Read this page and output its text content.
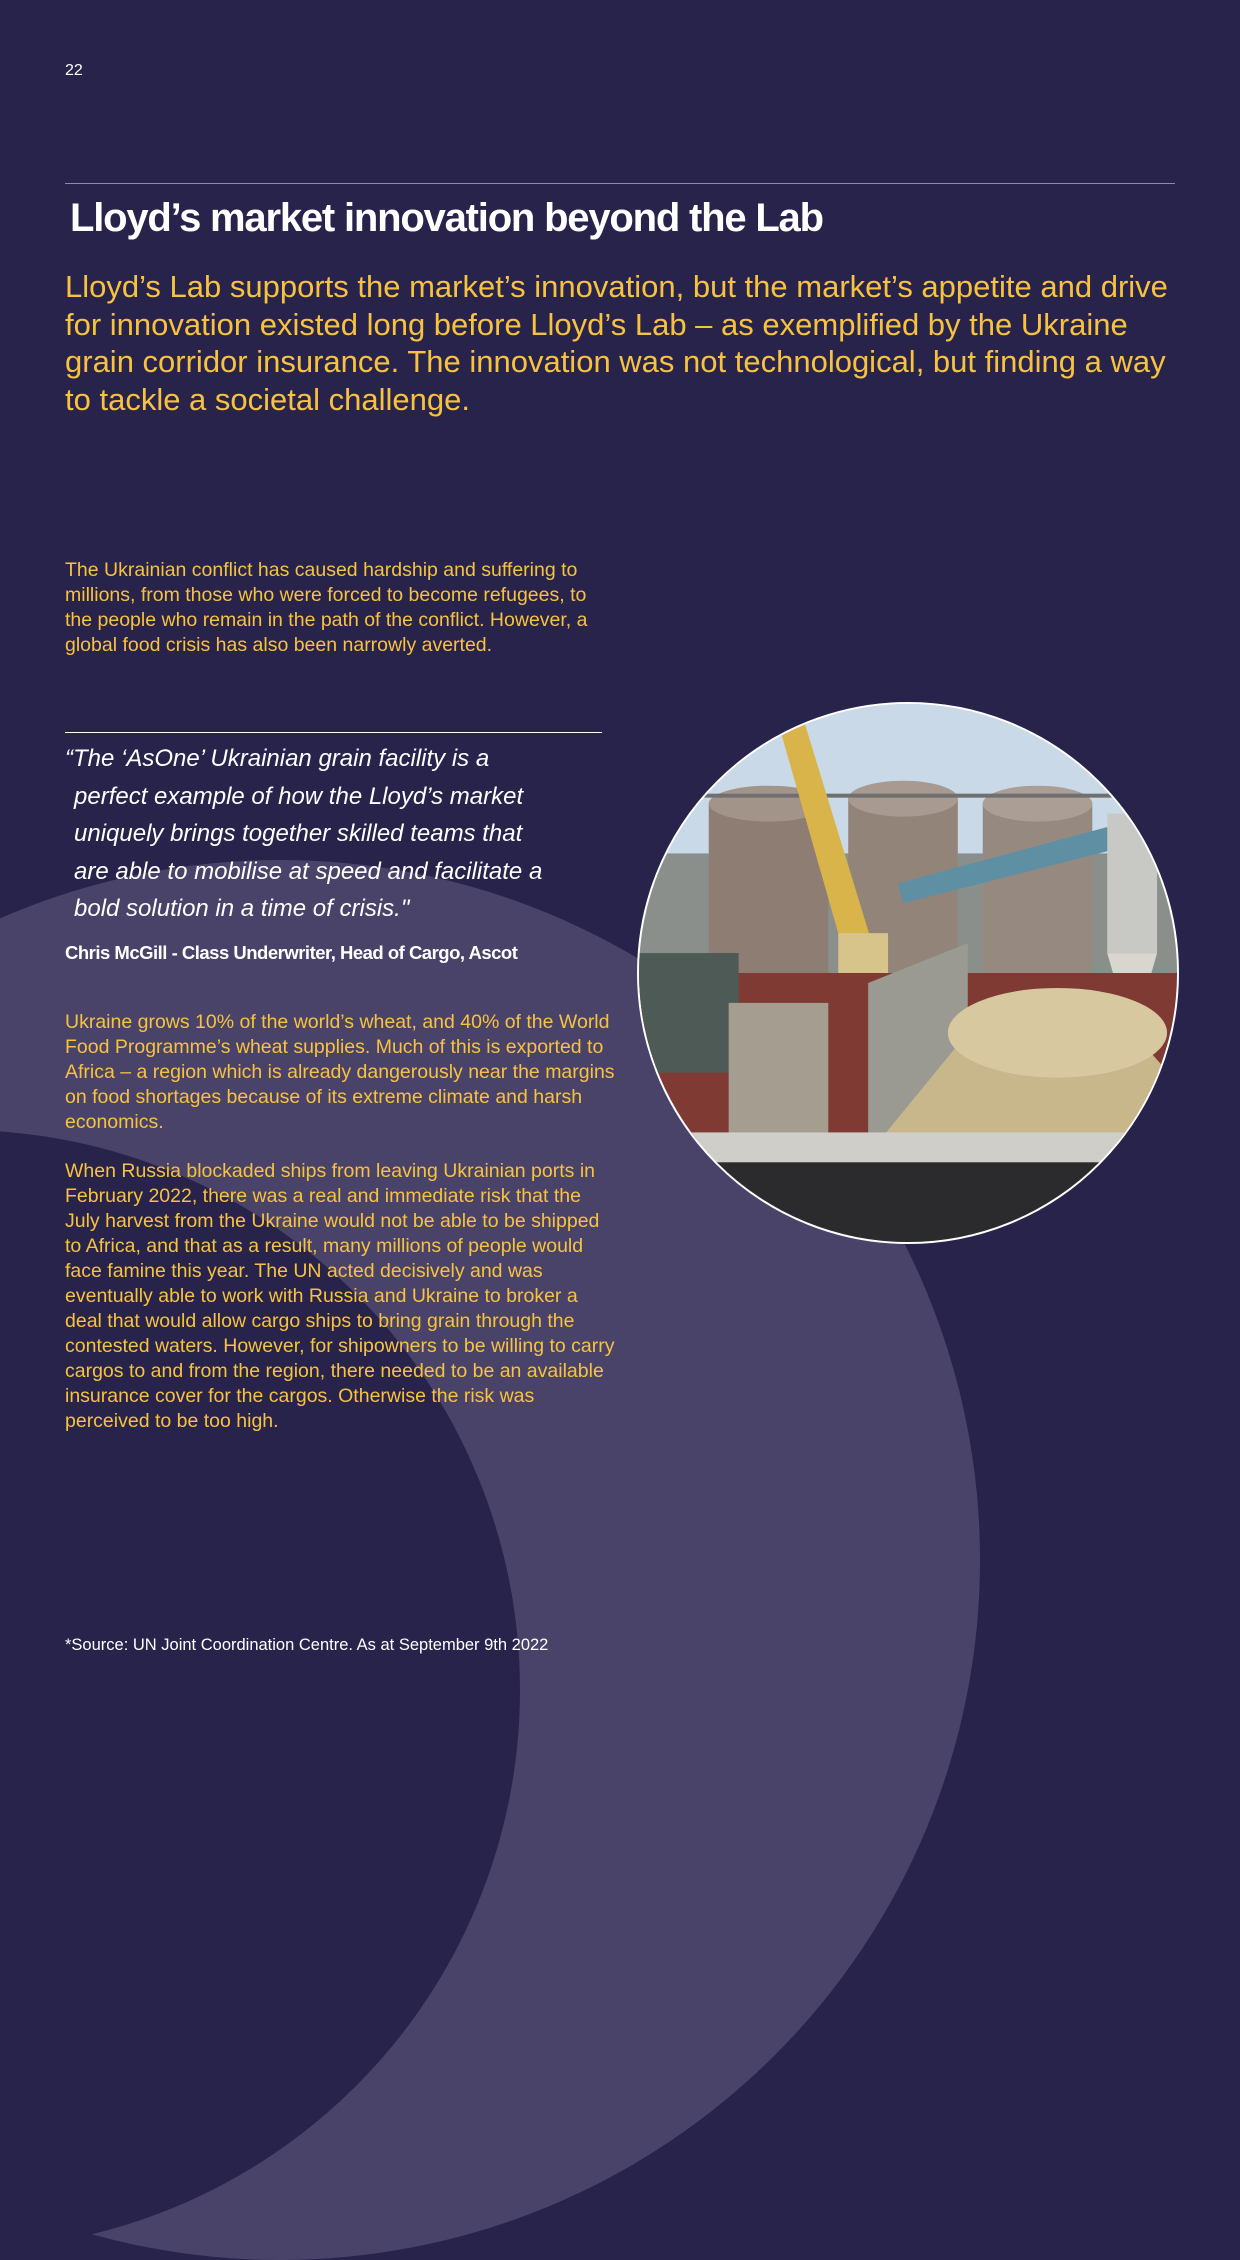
22
Lloyd’s market innovation beyond the Lab

Lloyd’s Lab supports the market’s innovation, but the market’s appetite and drive for innovation existed long before Lloyd’s Lab – as exemplified by the Ukraine grain corridor insurance. The innovation was not technological, but finding a way to tackle a societal challenge.

The Ukrainian conflict has caused hardship and suffering to millions, from those who were forced to become refugees, to the people who remain in the path of the conflict. However, a global food crisis has also been narrowly averted.

“The ‘AsOne’ Ukrainian grain facility is a
perfect example of how the Lloyd’s market
uniquely brings together skilled teams that
are able to mobilise at speed and facilitate a
bold solution in a time of crisis."
Chris McGill - Class Underwriter, Head of Cargo, Ascot

Ukraine grows 10% of the world’s wheat, and 40% of the World Food Programme’s wheat supplies. Much of this is exported to Africa – a region which is already dangerously near the margins on food shortages because of its extreme climate and harsh economics.

When Russia blockaded ships from leaving Ukrainian ports in February 2022, there was a real and immediate risk that the July harvest from the Ukraine would not be able to be shipped to Africa, and that as a result, many millions of people would face famine this year. The UN acted decisively and was eventually able to work with Russia and Ukraine to broker a deal that would allow cargo ships to bring grain through the contested waters. However, for shipowners to be willing to carry cargos to and from the region, there needed to be an available insurance cover for the cargos. Otherwise the risk was perceived to be too high.

*Source: UN Joint Coordination Centre. As at September 9th 2022
